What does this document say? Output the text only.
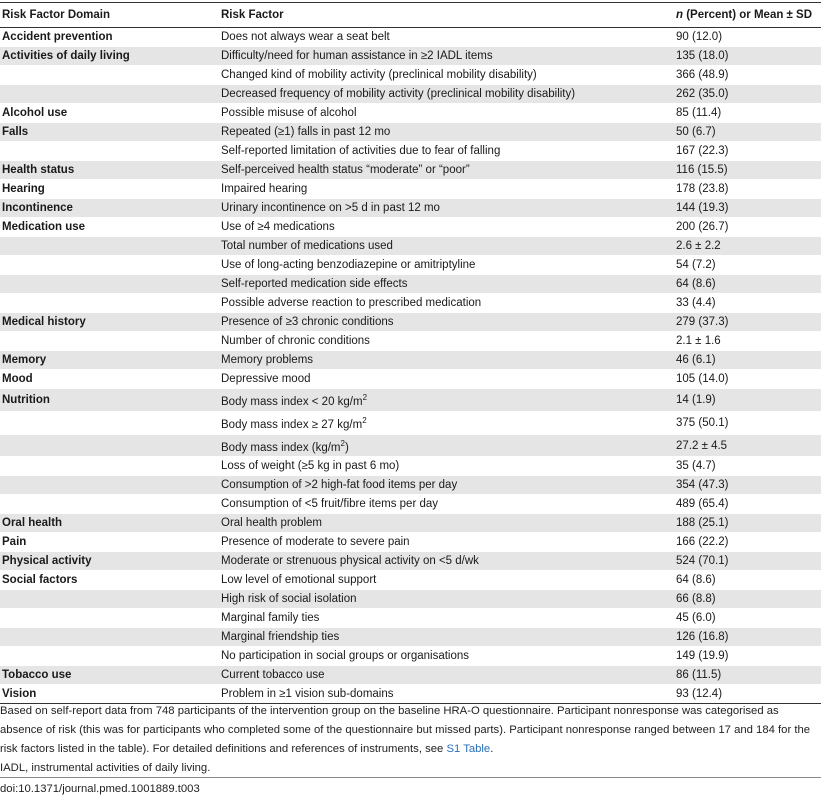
Risk Factor Domain	Risk Factor	n (Percent) or Mean ± SD
Accident prevention	Does not always wear a seat belt	90 (12.0)
Activities of daily living	Difficulty/need for human assistance in ≥2 IADL items	135 (18.0)
	Changed kind of mobility activity (preclinical mobility disability)	366 (48.9)
	Decreased frequency of mobility activity (preclinical mobility disability)	262 (35.0)
Alcohol use	Possible misuse of alcohol	85 (11.4)
Falls	Repeated (≥1) falls in past 12 mo	50 (6.7)
	Self-reported limitation of activities due to fear of falling	167 (22.3)
Health status	Self-perceived health status “moderate” or “poor”	116 (15.5)
Hearing	Impaired hearing	178 (23.8)
Incontinence	Urinary incontinence on >5 d in past 12 mo	144 (19.3)
Medication use	Use of ≥4 medications	200 (26.7)
	Total number of medications used	2.6 ± 2.2
	Use of long-acting benzodiazepine or amitriptyline	54 (7.2)
	Self-reported medication side effects	64 (8.6)
	Possible adverse reaction to prescribed medication	33 (4.4)
Medical history	Presence of ≥3 chronic conditions	279 (37.3)
	Number of chronic conditions	2.1 ± 1.6
Memory	Memory problems	46 (6.1)
Mood	Depressive mood	105 (14.0)
Nutrition	Body mass index < 20 $kg/m^2$	14 (1.9)
	Body mass index ≥ 27 $kg/m^2$	375 (50.1)
	Body mass index $(kg/m^2)$	27.2 ± 4.5
	Loss of weight (≥5 kg in past 6 mo)	35 (4.7)
	Consumption of >2 high-fat food items per day	354 (47.3)
	Consumption of <5 fruit/fibre items per day	489 (65.4)
Oral health	Oral health problem	188 (25.1)
Pain	Presence of moderate to severe pain	166 (22.2)
Physical activity	Moderate or strenuous physical activity on <5 d/wk	524 (70.1)
Social factors	Low level of emotional support	64 (8.6)
	High risk of social isolation	66 (8.8)
	Marginal family ties	45 (6.0)
	Marginal friendship ties	126 (16.8)
	No participation in social groups or organisations	149 (19.9)
Tobacco use	Current tobacco use	86 (11.5)
Vision	Problem in ≥1 vision sub-domains	93 (12.4)

Based on self-report data from 748 participants of the intervention group on the baseline HRA-O questionnaire. Participant nonresponse was categorised as absence of risk (this was for participants who completed some of the questionnaire but missed parts). Participant nonresponse ranged between 17 and 184 for the risk factors listed in the table). For detailed definitions and references of instruments, see S1 Table.

IADL, instrumental activities of daily living.

doi:10.1371/journal.pmed.1001889.t003
